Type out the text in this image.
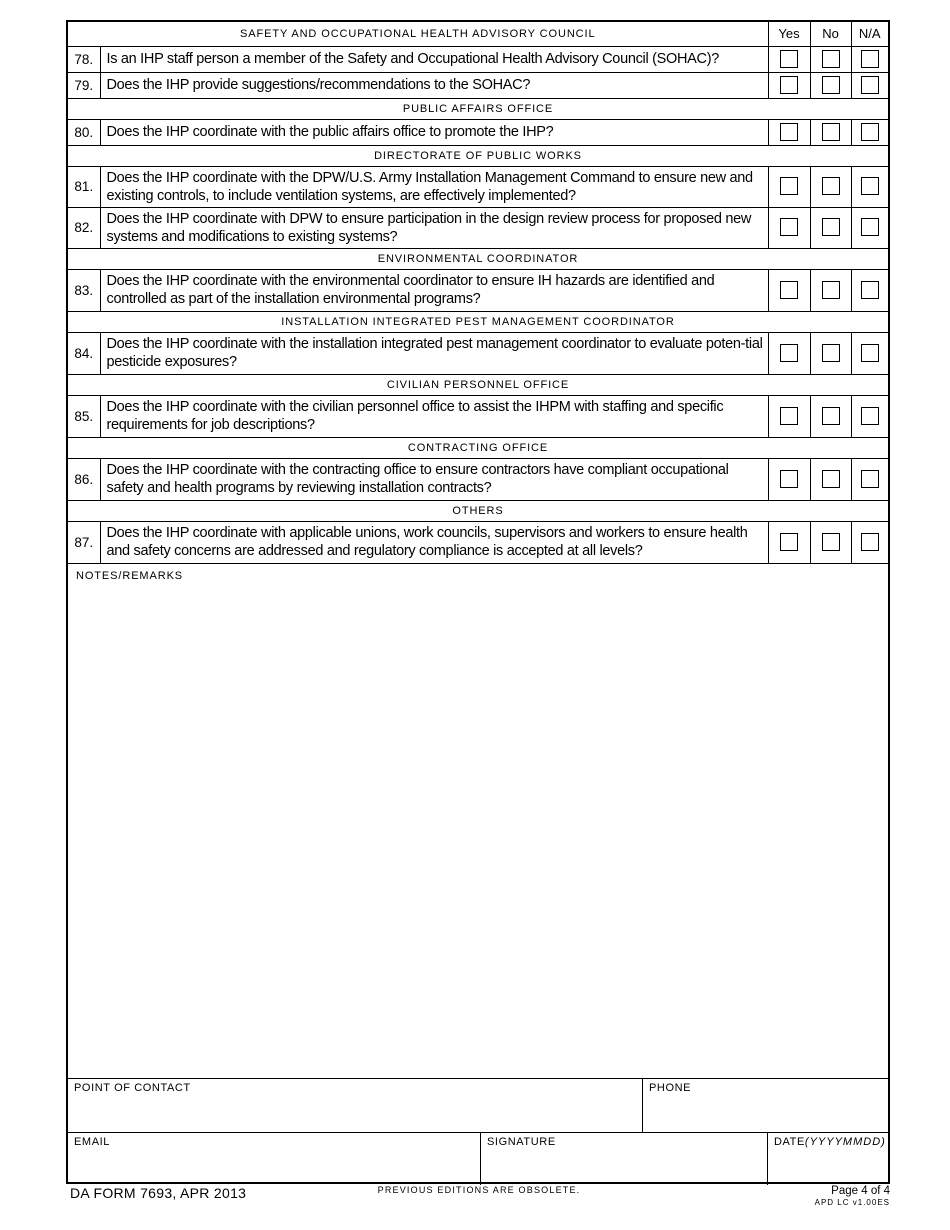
SAFETY AND OCCUPATIONAL HEALTH ADVISORY COUNCIL		Yes	No	N/A
78.	Is an IHP staff person a member of the Safety and Occupational Health Advisory Council (SOHAC)?			
79.	Does the IHP provide suggestions/recommendations to the SOHAC?			
PUBLIC AFFAIRS OFFICE				
80.	Does the IHP coordinate with the public affairs office to promote the IHP?			
DIRECTORATE OF PUBLIC WORKS				
81.	Does the IHP coordinate with the DPW/U.S. Army Installation Management Command to ensure new and existing controls, to include ventilation systems, are effectively implemented?			
82.	Does the IHP coordinate with DPW to ensure participation in the design review process for proposed new systems and modifications to existing systems?			
ENVIRONMENTAL COORDINATOR				
83.	Does the IHP coordinate with the environmental coordinator to ensure IH hazards are identified and controlled as part of the installation environmental programs?			
INSTALLATION INTEGRATED PEST MANAGEMENT COORDINATOR				
84.	Does the IHP coordinate with the installation integrated pest management coordinator to evaluate poten-tial pesticide exposures?			
CIVILIAN PERSONNEL OFFICE				
85.	Does the IHP coordinate with the civilian personnel office to assist the IHPM with staffing and specific requirements for job descriptions?			
CONTRACTING OFFICE				
86.	Does the IHP coordinate with the contracting office to ensure contractors have compliant occupational safety and health programs by reviewing installation contracts?			
OTHERS				
87.	Does the IHP coordinate with applicable unions, work councils, supervisors and workers to ensure health and safety concerns are addressed and regulatory compliance is accepted at all levels?			
NOTES/REMARKS
POINT OF CONTACT	PHONE
EMAIL	SIGNATURE	DATE(YYYYMMDD)
DA FORM 7693, APR 2013	PREVIOUS EDITIONS ARE OBSOLETE.	Page 4 of 4
APD LC v1.00ES
